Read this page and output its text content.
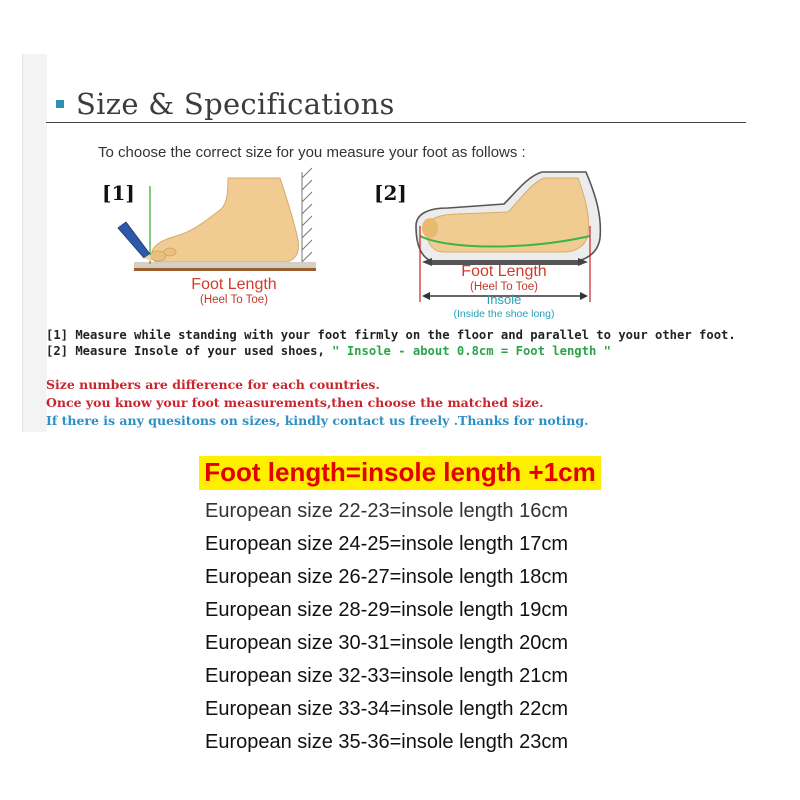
Size & Specifications
To choose the correct size for you measure your foot as follows :
[1]
Foot Length
(Heel To Toe)
[2]
Foot Length
(Heel To Toe)
Insole
(Inside the shoe long)
[1] Measure while standing with your foot firmly on the floor and parallel to your other foot.
[2] Measure Insole of your used shoes, " Insole - about 0.8cm = Foot length "
Size numbers are difference for each countries.
Once you know your foot measurements,then choose the matched size.
If there is any quesitons on sizes, kindly contact us freely .Thanks for noting.
Foot length=insole length +1cm
European size 22-23=insole length 16cm
European size 24-25=insole length 17cm
European size 26-27=insole length 18cm
European size 28-29=insole length 19cm
European size 30-31=insole length 20cm
European size 32-33=insole length 21cm
European size 33-34=insole length 22cm
European size 35-36=insole length 23cm
